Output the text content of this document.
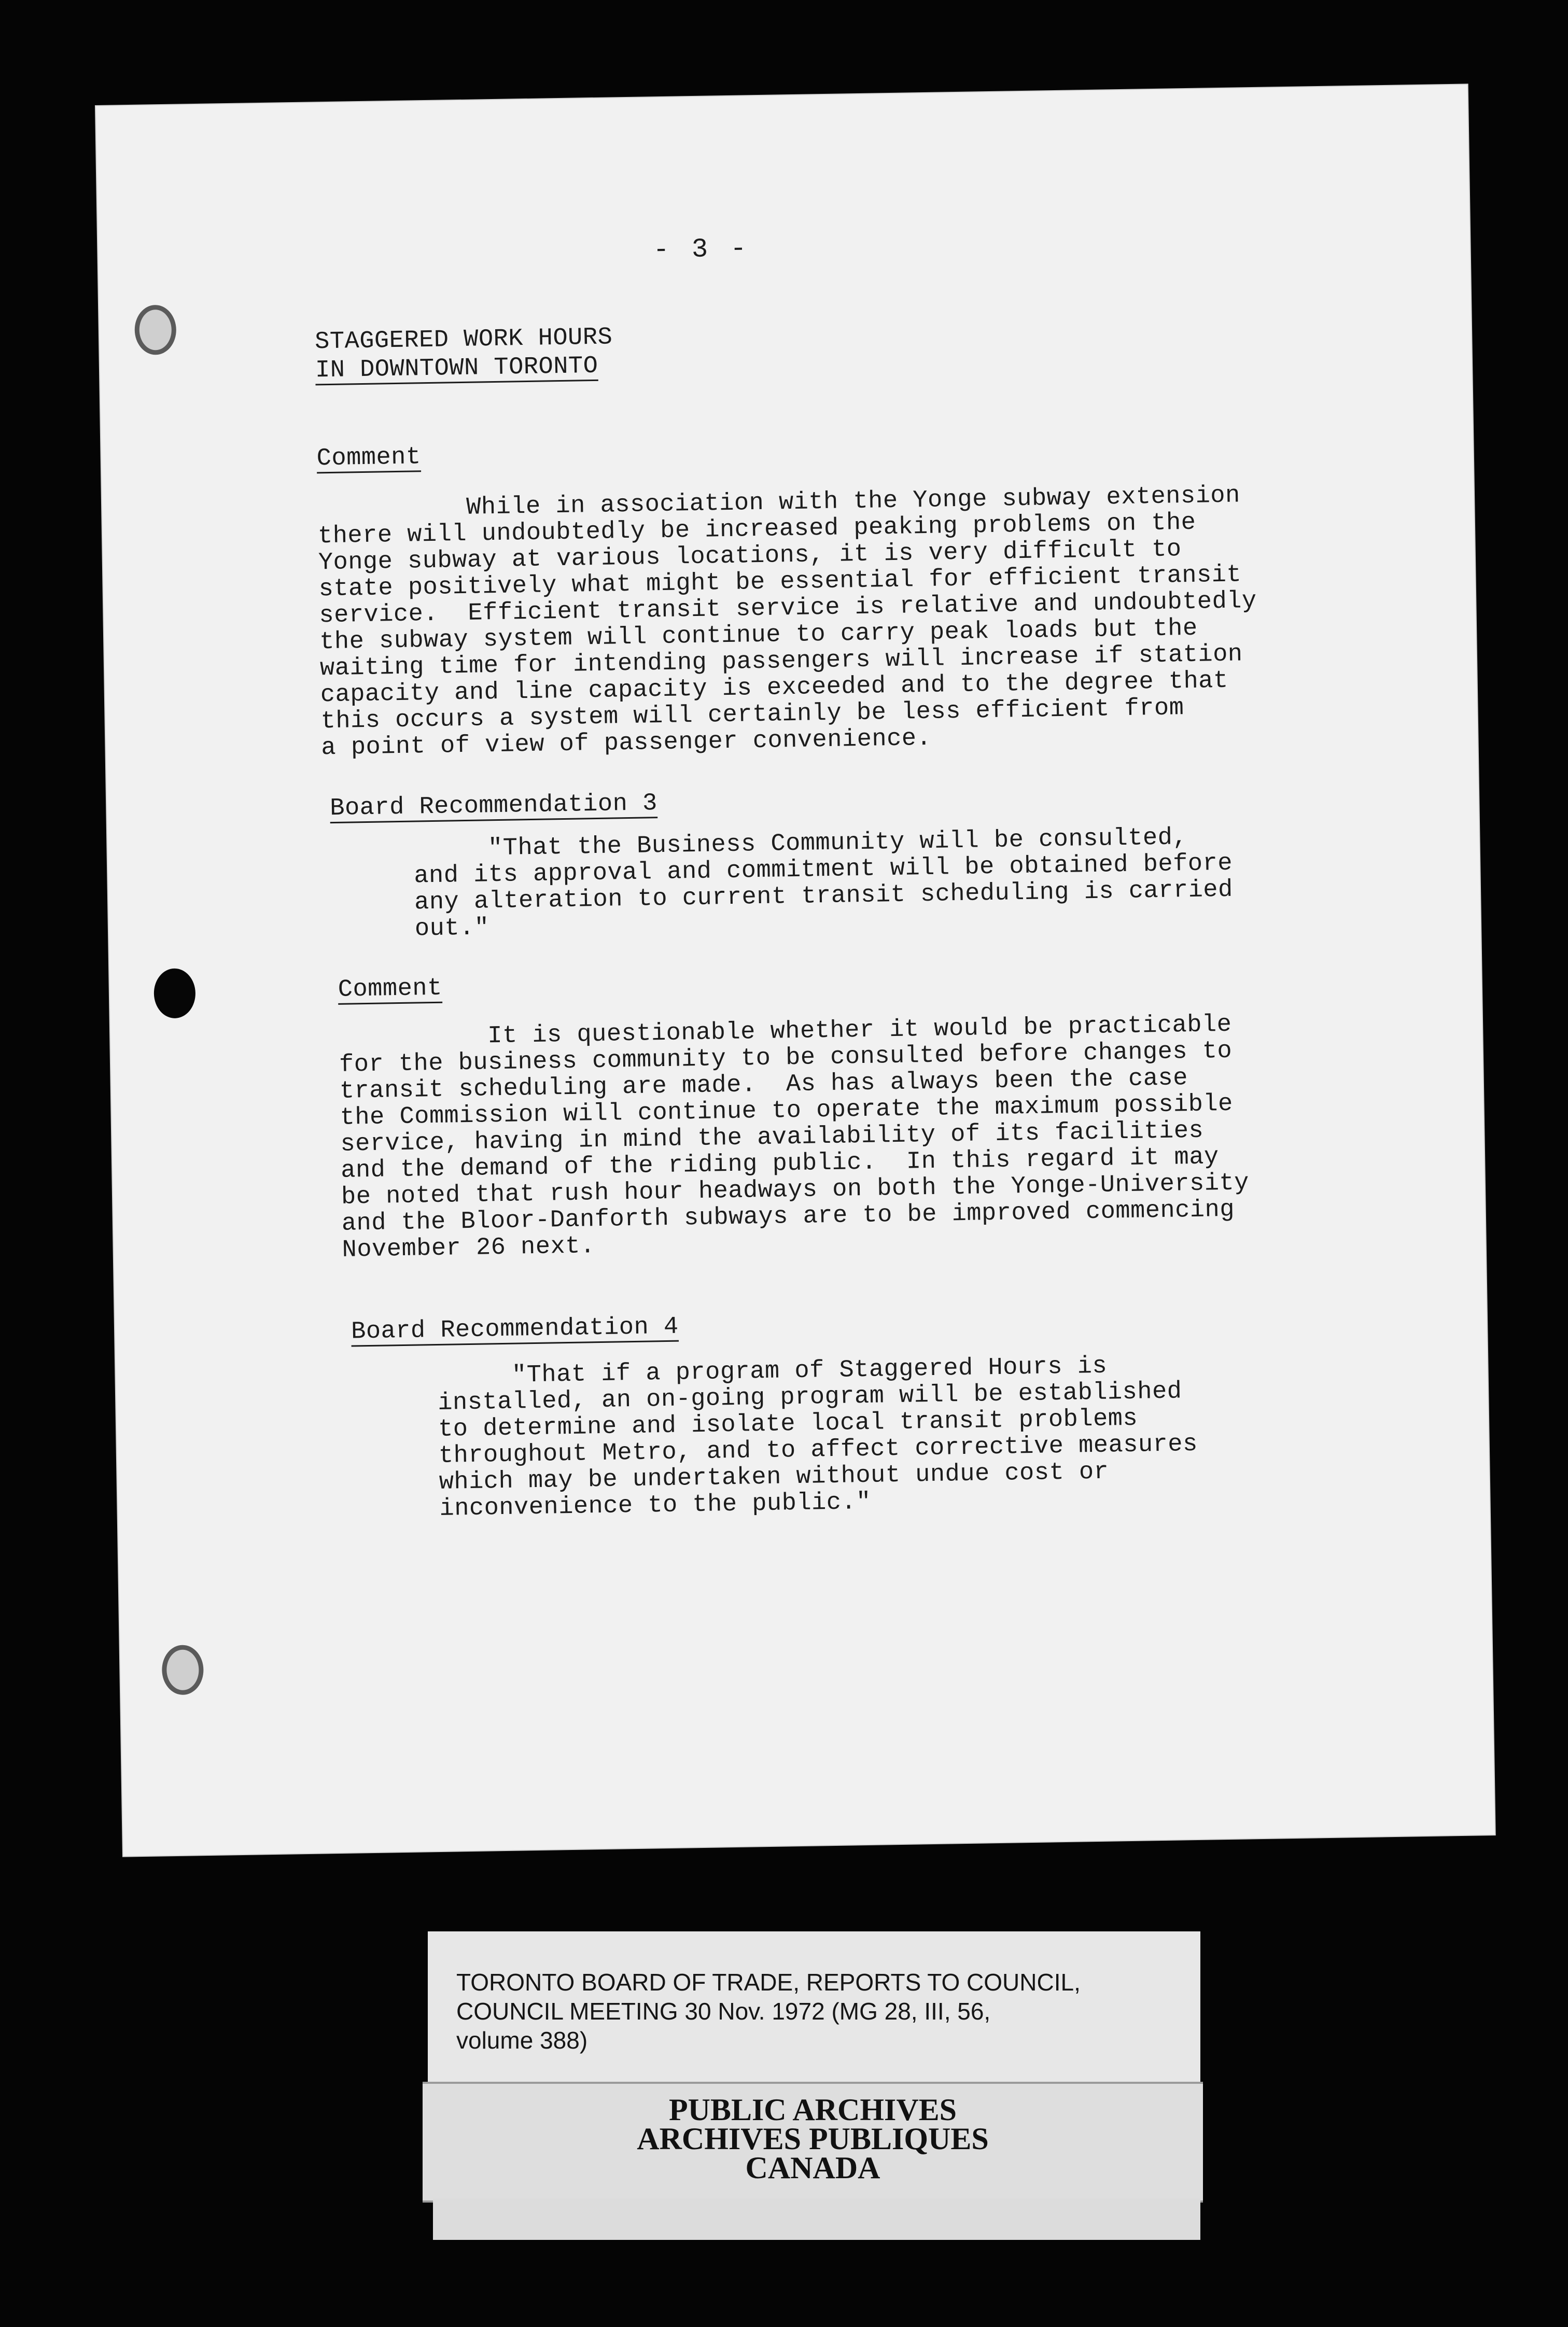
- 3 -
STAGGERED WORK HOURS
IN DOWNTOWN TORONTO
Comment
While in association with the Yonge subway extension
there will undoubtedly be increased peaking problems on the
Yonge subway at various locations, it is very difficult to
state positively what might be essential for efficient transit
service.  Efficient transit service is relative and undoubtedly
the subway system will continue to carry peak loads but the
waiting time for intending passengers will increase if station
capacity and line capacity is exceeded and to the degree that
this occurs a system will certainly be less efficient from
a point of view of passenger convenience.
Board Recommendation 3
"That the Business Community will be consulted,
and its approval and commitment will be obtained before
any alteration to current transit scheduling is carried
out."
Comment
It is questionable whether it would be practicable
for the business community to be consulted before changes to
transit scheduling are made.  As has always been the case
the Commission will continue to operate the maximum possible
service, having in mind the availability of its facilities
and the demand of the riding public.  In this regard it may
be noted that rush hour headways on both the Yonge-University
and the Bloor-Danforth subways are to be improved commencing
November 26 next.
Board Recommendation 4
"That if a program of Staggered Hours is
installed, an on-going program will be established
to determine and isolate local transit problems
throughout Metro, and to affect corrective measures
which may be undertaken without undue cost or
inconvenience to the public."
TORONTO BOARD OF TRADE, REPORTS TO COUNCIL,
COUNCIL MEETING 30 Nov. 1972 (MG 28, III, 56,
volume 388)
PUBLIC ARCHIVES
ARCHIVES PUBLIQUES
CANADA
